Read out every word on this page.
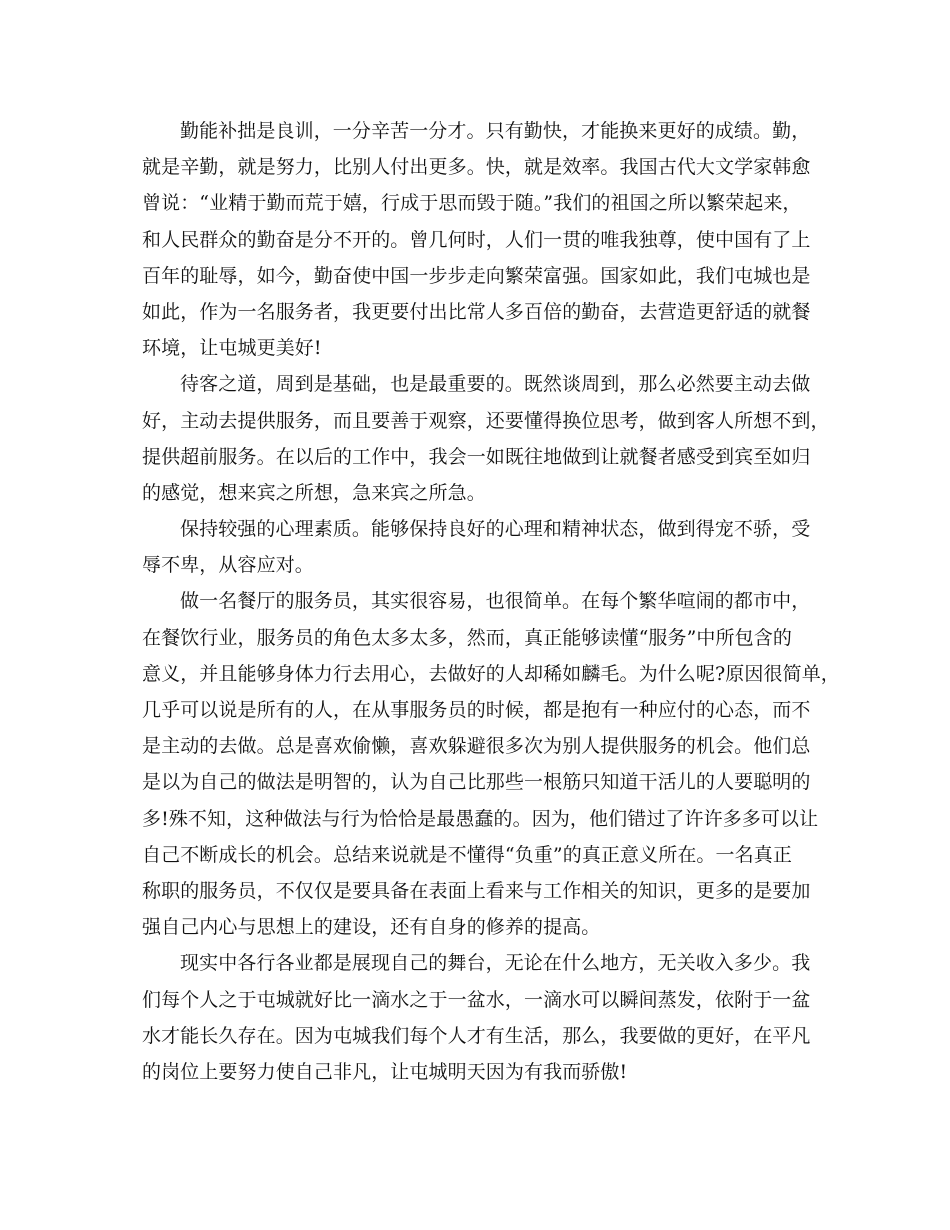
勤能补拙是良训，一分辛苦一分才。只有勤快，才能换来更好的成绩。勤，
就是辛勤，就是努力，比别人付出更多。快，就是效率。我国古代大文学家韩愈
曾说：“业精于勤而荒于嬉，行成于思而毁于随。”我们的祖国之所以繁荣起来，
和人民群众的勤奋是分不开的。曾几何时，人们一贯的唯我独尊，使中国有了上
百年的耻辱，如今，勤奋使中国一步步走向繁荣富强。国家如此，我们屯城也是
如此，作为一名服务者，我更要付出比常人多百倍的勤奋，去营造更舒适的就餐
环境，让屯城更美好!
待客之道，周到是基础，也是最重要的。既然谈周到，那么必然要主动去做
好，主动去提供服务，而且要善于观察，还要懂得换位思考，做到客人所想不到，
提供超前服务。在以后的工作中，我会一如既往地做到让就餐者感受到宾至如归
的感觉，想来宾之所想，急来宾之所急。
保持较强的心理素质。能够保持良好的心理和精神状态，做到得宠不骄，受
辱不卑，从容应对。
做一名餐厅的服务员，其实很容易，也很简单。在每个繁华喧闹的都市中，
在餐饮行业，服务员的角色太多太多，然而，真正能够读懂“服务”中所包含的
意义，并且能够身体力行去用心，去做好的人却稀如麟毛。为什么呢?原因很简单，
几乎可以说是所有的人，在从事服务员的时候，都是抱有一种应付的心态，而不
是主动的去做。总是喜欢偷懒，喜欢躲避很多次为别人提供服务的机会。他们总
是以为自己的做法是明智的，认为自己比那些一根筋只知道干活儿的人要聪明的
多!殊不知，这种做法与行为恰恰是最愚蠢的。因为，他们错过了许许多多可以让
自己不断成长的机会。总结来说就是不懂得“负重”的真正意义所在。一名真正
称职的服务员，不仅仅是要具备在表面上看来与工作相关的知识，更多的是要加
强自己内心与思想上的建设，还有自身的修养的提高。
现实中各行各业都是展现自己的舞台，无论在什么地方，无关收入多少。我
们每个人之于屯城就好比一滴水之于一盆水，一滴水可以瞬间蒸发，依附于一盆
水才能长久存在。因为屯城我们每个人才有生活，那么，我要做的更好，在平凡
的岗位上要努力使自己非凡，让屯城明天因为有我而骄傲!
